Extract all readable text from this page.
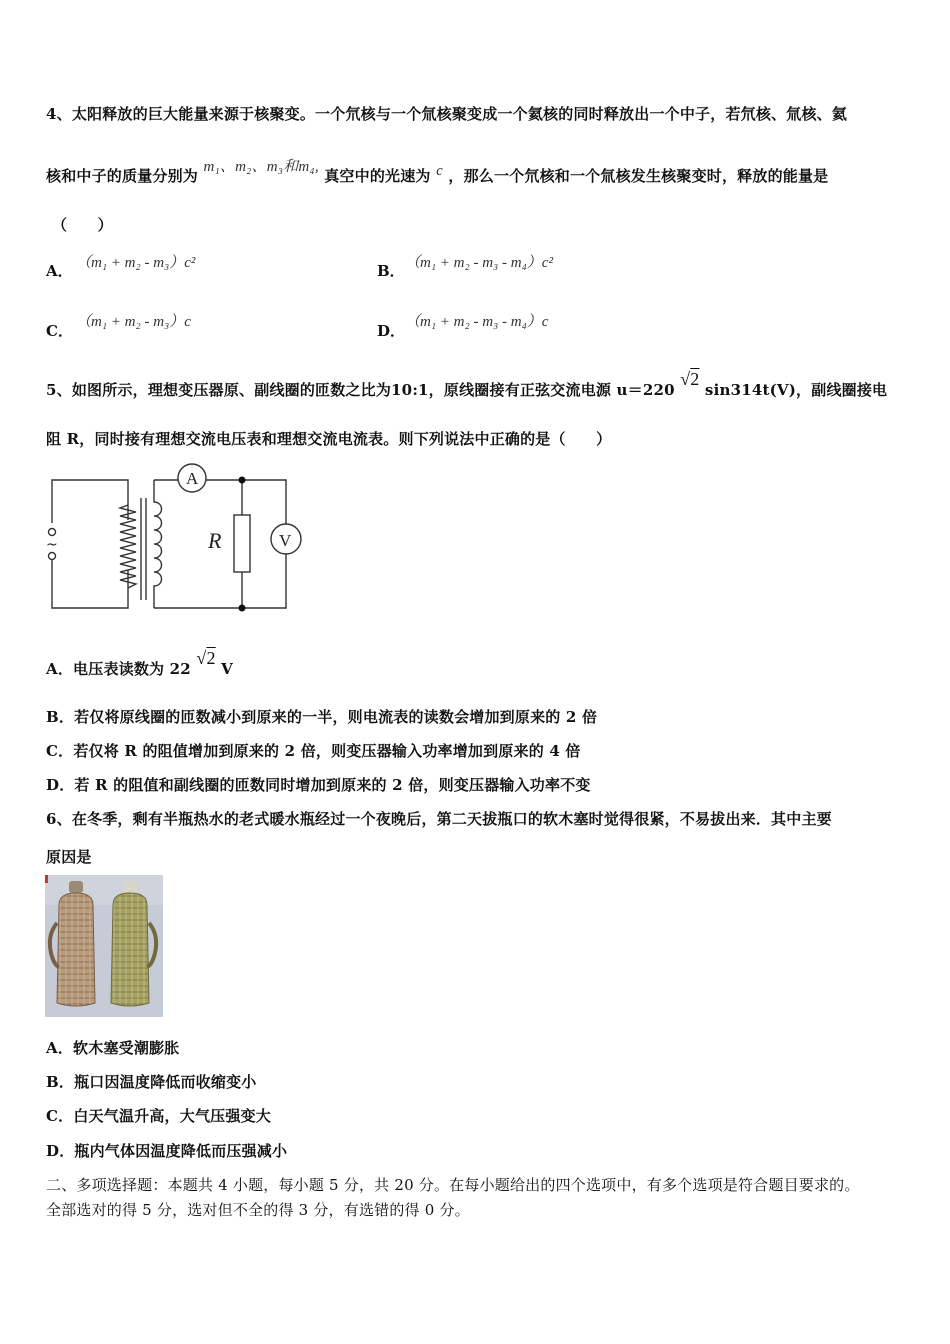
4、太阳释放的巨大能量来源于核聚变。一个氘核与一个氚核聚变成一个氦核的同时释放出一个中子，若氘核、氚核、氦
核和中子的质量分别为 m₁、m₂、m₃和m₄, 真空中的光速为 c ，那么一个氘核和一个氚核发生核聚变时，释放的能量是
（　　）
A． （m₁ + m₂ - m₃）c²	B． （m₁ + m₂ - m₃ - m₄）c²
C． （m₁ + m₂ - m₃）c	D． （m₁ + m₂ - m₃ - m₄）c
5、如图所示，理想变压器原、副线圈的匝数之比为10:1，原线圈接有正弦交流电源 u＝220 √2 sin314t(V)，副线圈接电
阻 R，同时接有理想交流电压表和理想交流电流表。则下列说法中正确的是（　　）
A
V
R
~
A．电压表读数为 22 √2 V
B．若仅将原线圈的匝数减小到原来的一半，则电流表的读数会增加到原来的 2 倍
C．若仅将 R 的阻值增加到原来的 2 倍，则变压器输入功率增加到原来的 4 倍
D．若 R 的阻值和副线圈的匝数同时增加到原来的 2 倍，则变压器输入功率不变
6、在冬季，剩有半瓶热水的老式暖水瓶经过一个夜晚后，第二天拔瓶口的软木塞时觉得很紧，不易拔出来．其中主要
原因是
A．软木塞受潮膨胀
B．瓶口因温度降低而收缩变小
C．白天气温升高，大气压强变大
D．瓶内气体因温度降低而压强减小
二、多项选择题：本题共 4 小题，每小题 5 分，共 20 分。在每小题给出的四个选项中，有多个选项是符合题目要求的。
全部选对的得 5 分，选对但不全的得 3 分，有选错的得 0 分。
